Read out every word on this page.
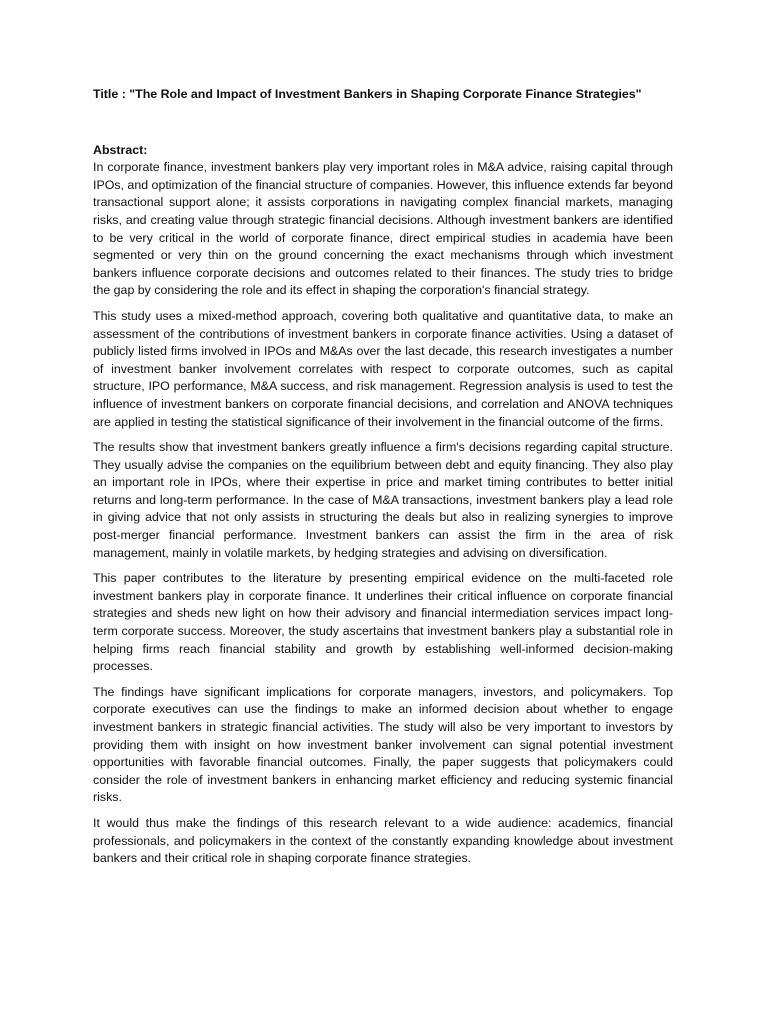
Title : "The Role and Impact of Investment Bankers in Shaping Corporate Finance Strategies"

Abstract:

In corporate finance, investment bankers play very important roles in M&A advice, raising capital through IPOs, and optimization of the financial structure of companies. However, this influence extends far beyond transactional support alone; it assists corporations in navigating complex financial markets, managing risks, and creating value through strategic financial decisions. Although investment bankers are identified to be very critical in the world of corporate finance, direct empirical studies in academia have been segmented or very thin on the ground concerning the exact mechanisms through which investment bankers influence corporate decisions and outcomes related to their finances. The study tries to bridge the gap by considering the role and its effect in shaping the corporation's financial strategy.

This study uses a mixed-method approach, covering both qualitative and quantitative data, to make an assessment of the contributions of investment bankers in corporate finance activities. Using a dataset of publicly listed firms involved in IPOs and M&As over the last decade, this research investigates a number of investment banker involvement correlates with respect to corporate outcomes, such as capital structure, IPO performance, M&A success, and risk management. Regression analysis is used to test the influence of investment bankers on corporate financial decisions, and correlation and ANOVA techniques are applied in testing the statistical significance of their involvement in the financial outcome of the firms.

The results show that investment bankers greatly influence a firm's decisions regarding capital structure. They usually advise the companies on the equilibrium between debt and equity financing. They also play an important role in IPOs, where their expertise in price and market timing contributes to better initial returns and long-term performance. In the case of M&A transactions, investment bankers play a lead role in giving advice that not only assists in structuring the deals but also in realizing synergies to improve post-merger financial performance. Investment bankers can assist the firm in the area of risk management, mainly in volatile markets, by hedging strategies and advising on diversification.

This paper contributes to the literature by presenting empirical evidence on the multi-faceted role investment bankers play in corporate finance. It underlines their critical influence on corporate financial strategies and sheds new light on how their advisory and financial intermediation services impact long-term corporate success. Moreover, the study ascertains that investment bankers play a substantial role in helping firms reach financial stability and growth by establishing well-informed decision-making processes.

The findings have significant implications for corporate managers, investors, and policymakers. Top corporate executives can use the findings to make an informed decision about whether to engage investment bankers in strategic financial activities. The study will also be very important to investors by providing them with insight on how investment banker involvement can signal potential investment opportunities with favorable financial outcomes. Finally, the paper suggests that policymakers could consider the role of investment bankers in enhancing market efficiency and reducing systemic financial risks.

It would thus make the findings of this research relevant to a wide audience: academics, financial professionals, and policymakers in the context of the constantly expanding knowledge about investment bankers and their critical role in shaping corporate finance strategies.
